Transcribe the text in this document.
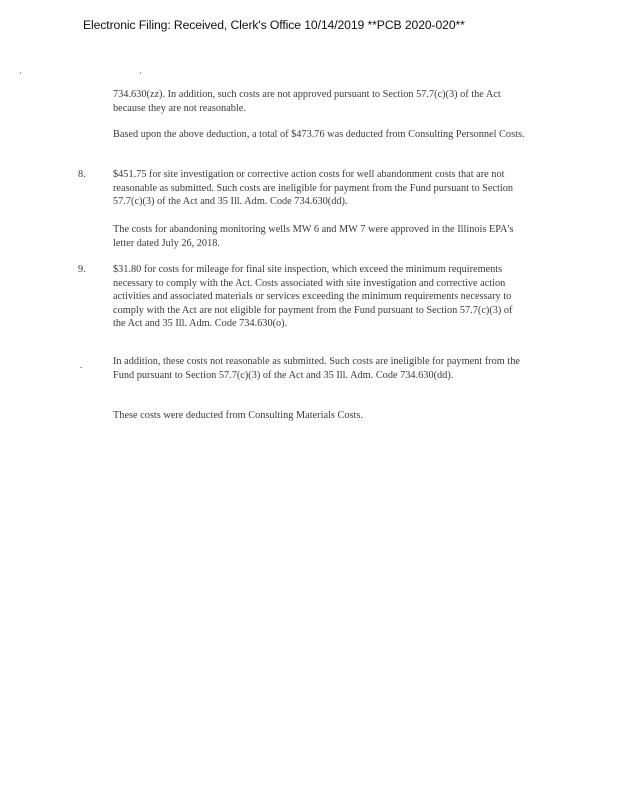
Electronic Filing: Received, Clerk's Office 10/14/2019 **PCB 2020-020**

734.630(zz). In addition, such costs are not approved pursuant to Section 57.7(c)(3) of the Act because they are not reasonable.

Based upon the above deduction, a total of $473.76 was deducted from Consulting Personnel Costs.

8.	$451.75 for site investigation or corrective action costs for well abandonment costs that are not reasonable as submitted. Such costs are ineligible for payment from the Fund pursuant to Section 57.7(c)(3) of the Act and 35 Ill. Adm. Code 734.630(dd).

The costs for abandoning monitoring wells MW 6 and MW 7 were approved in the Illinois EPA's letter dated July 26, 2018.

9.	$31.80 for costs for mileage for final site inspection, which exceed the minimum requirements necessary to comply with the Act. Costs associated with site investigation and corrective action activities and associated materials or services exceeding the minimum requirements necessary to comply with the Act are not eligible for payment from the Fund pursuant to Section 57.7(c)(3) of the Act and 35 Ill. Adm. Code 734.630(o).

In addition, these costs not reasonable as submitted. Such costs are ineligible for payment from the Fund pursuant to Section 57.7(c)(3) of the Act and 35 Ill. Adm. Code 734.630(dd).

These costs were deducted from Consulting Materials Costs.
